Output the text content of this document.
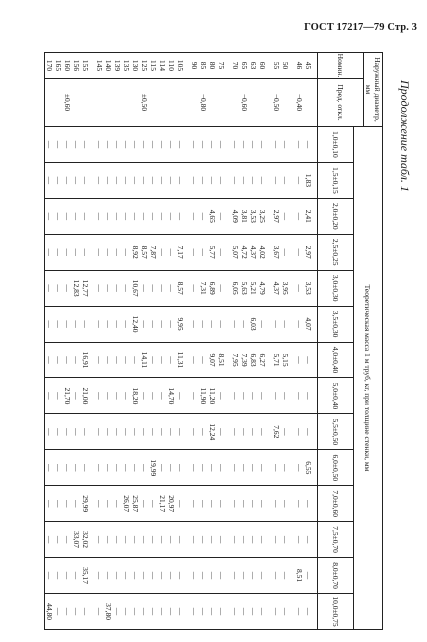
ГОСТ 17217—79 Стр. 3
Продолжение табл. 1
Наружный диаметр, мм		Теоретическая масса 1 м труб, кг, при толщине стенки, мм													
Номин.	Пред. откл.														
		1,0±0,10	1,5±0,15	2,0±0,20	2,5±0,25	3,0±0,30	3,5±0,30	4,0±0,40	5,0±0,40	5,5±0,50	6,0±0,50	7,0±0,60	7,5±0,70	8,0±0,70	10,0±0,75
45		—	1,83	2,41	2,97	3,53	4,07	—	—	—	6,55	—	—	—	—
46	−0,40	—	—	—	—	—	—	—	—	—	—	—	—	8,51	—
50		—	—	—	—	3,95	—	5,15	—	—	—	—	—	—	—
55	−0,50	—	—	2,97	3,67	4,37	—	5,71	—	7,62	—	—	—	—	—
60		—	—	3,25	4,02	4,79	—	6,27	—	—	—	—	—	—	—
63		—	—	3,53	4,37	5,21	6,03	6,83	—	—	—	—	—	—	—
65	−0,60	—	—	3,81	4,72	5,63	—	7,39	—	—	—	—	—	—	—
70		—	—	4,09	5,07	6,05	—	7,95	—	—	—	—	—	—	—
75		—	—	—	—	—	—	8,51	—	—	—	—	—	—	—
80		—	—	4,65	5,77	6,89	—	9,07	11,20	12,24	—	—	—	—	—
85	−0,80	—	—	—	—	7,31	—	—	11,90	—	—	—	—	—	—
90		—	—	—	—	—	—	—	—	—	—	—	—	—	—
105		—	—	—	7,17	8,57	9,95	11,31	—	—	—	—	—	—	—
110		—	—	—	—	—	—	—	14,70	—	—	20,97	—	—	—
114		—	—	—	—	—	—	—	—	—	—	21,17	—	—	—
115		—	—	—	7,87	—	—	—	—	—	19,99	—	—	—	—
125	±0,50	—	—	—	8,57	—	—	14,11	—	—	—	—	—	—	—
130		—	—	—	8,92	10,67	12,40	—	18,20	—	—	25,87	—	—	—
135		—	—	—	—	—	—	—	—	—	—	26,07	—	—	—
139		—	—	—	—	—	—	—	—	—	—	—	—	—	—
140		—	—	—	—	—	—	—	—	—	—	—	—	—	37,80
145		—	—	—	—	—	—	—	—	—	—	—	—	—	—
155		—	—	—	—	12,77	—	16,91	21,00	—	—	29,99	32,02	35,17	—
156		—	—	—	—	12,83	—	—	—	—	—	—	33,07	—	—
160	±0,60	—	—	—	—	—	—	—	21,70	—	—	—	—	—	—
165		—	—	—	—	—	—	—	—	—	—	—	—	—	—
170		—	—	—	—	—	—	—	—	—	—	—	—	—	44,80
